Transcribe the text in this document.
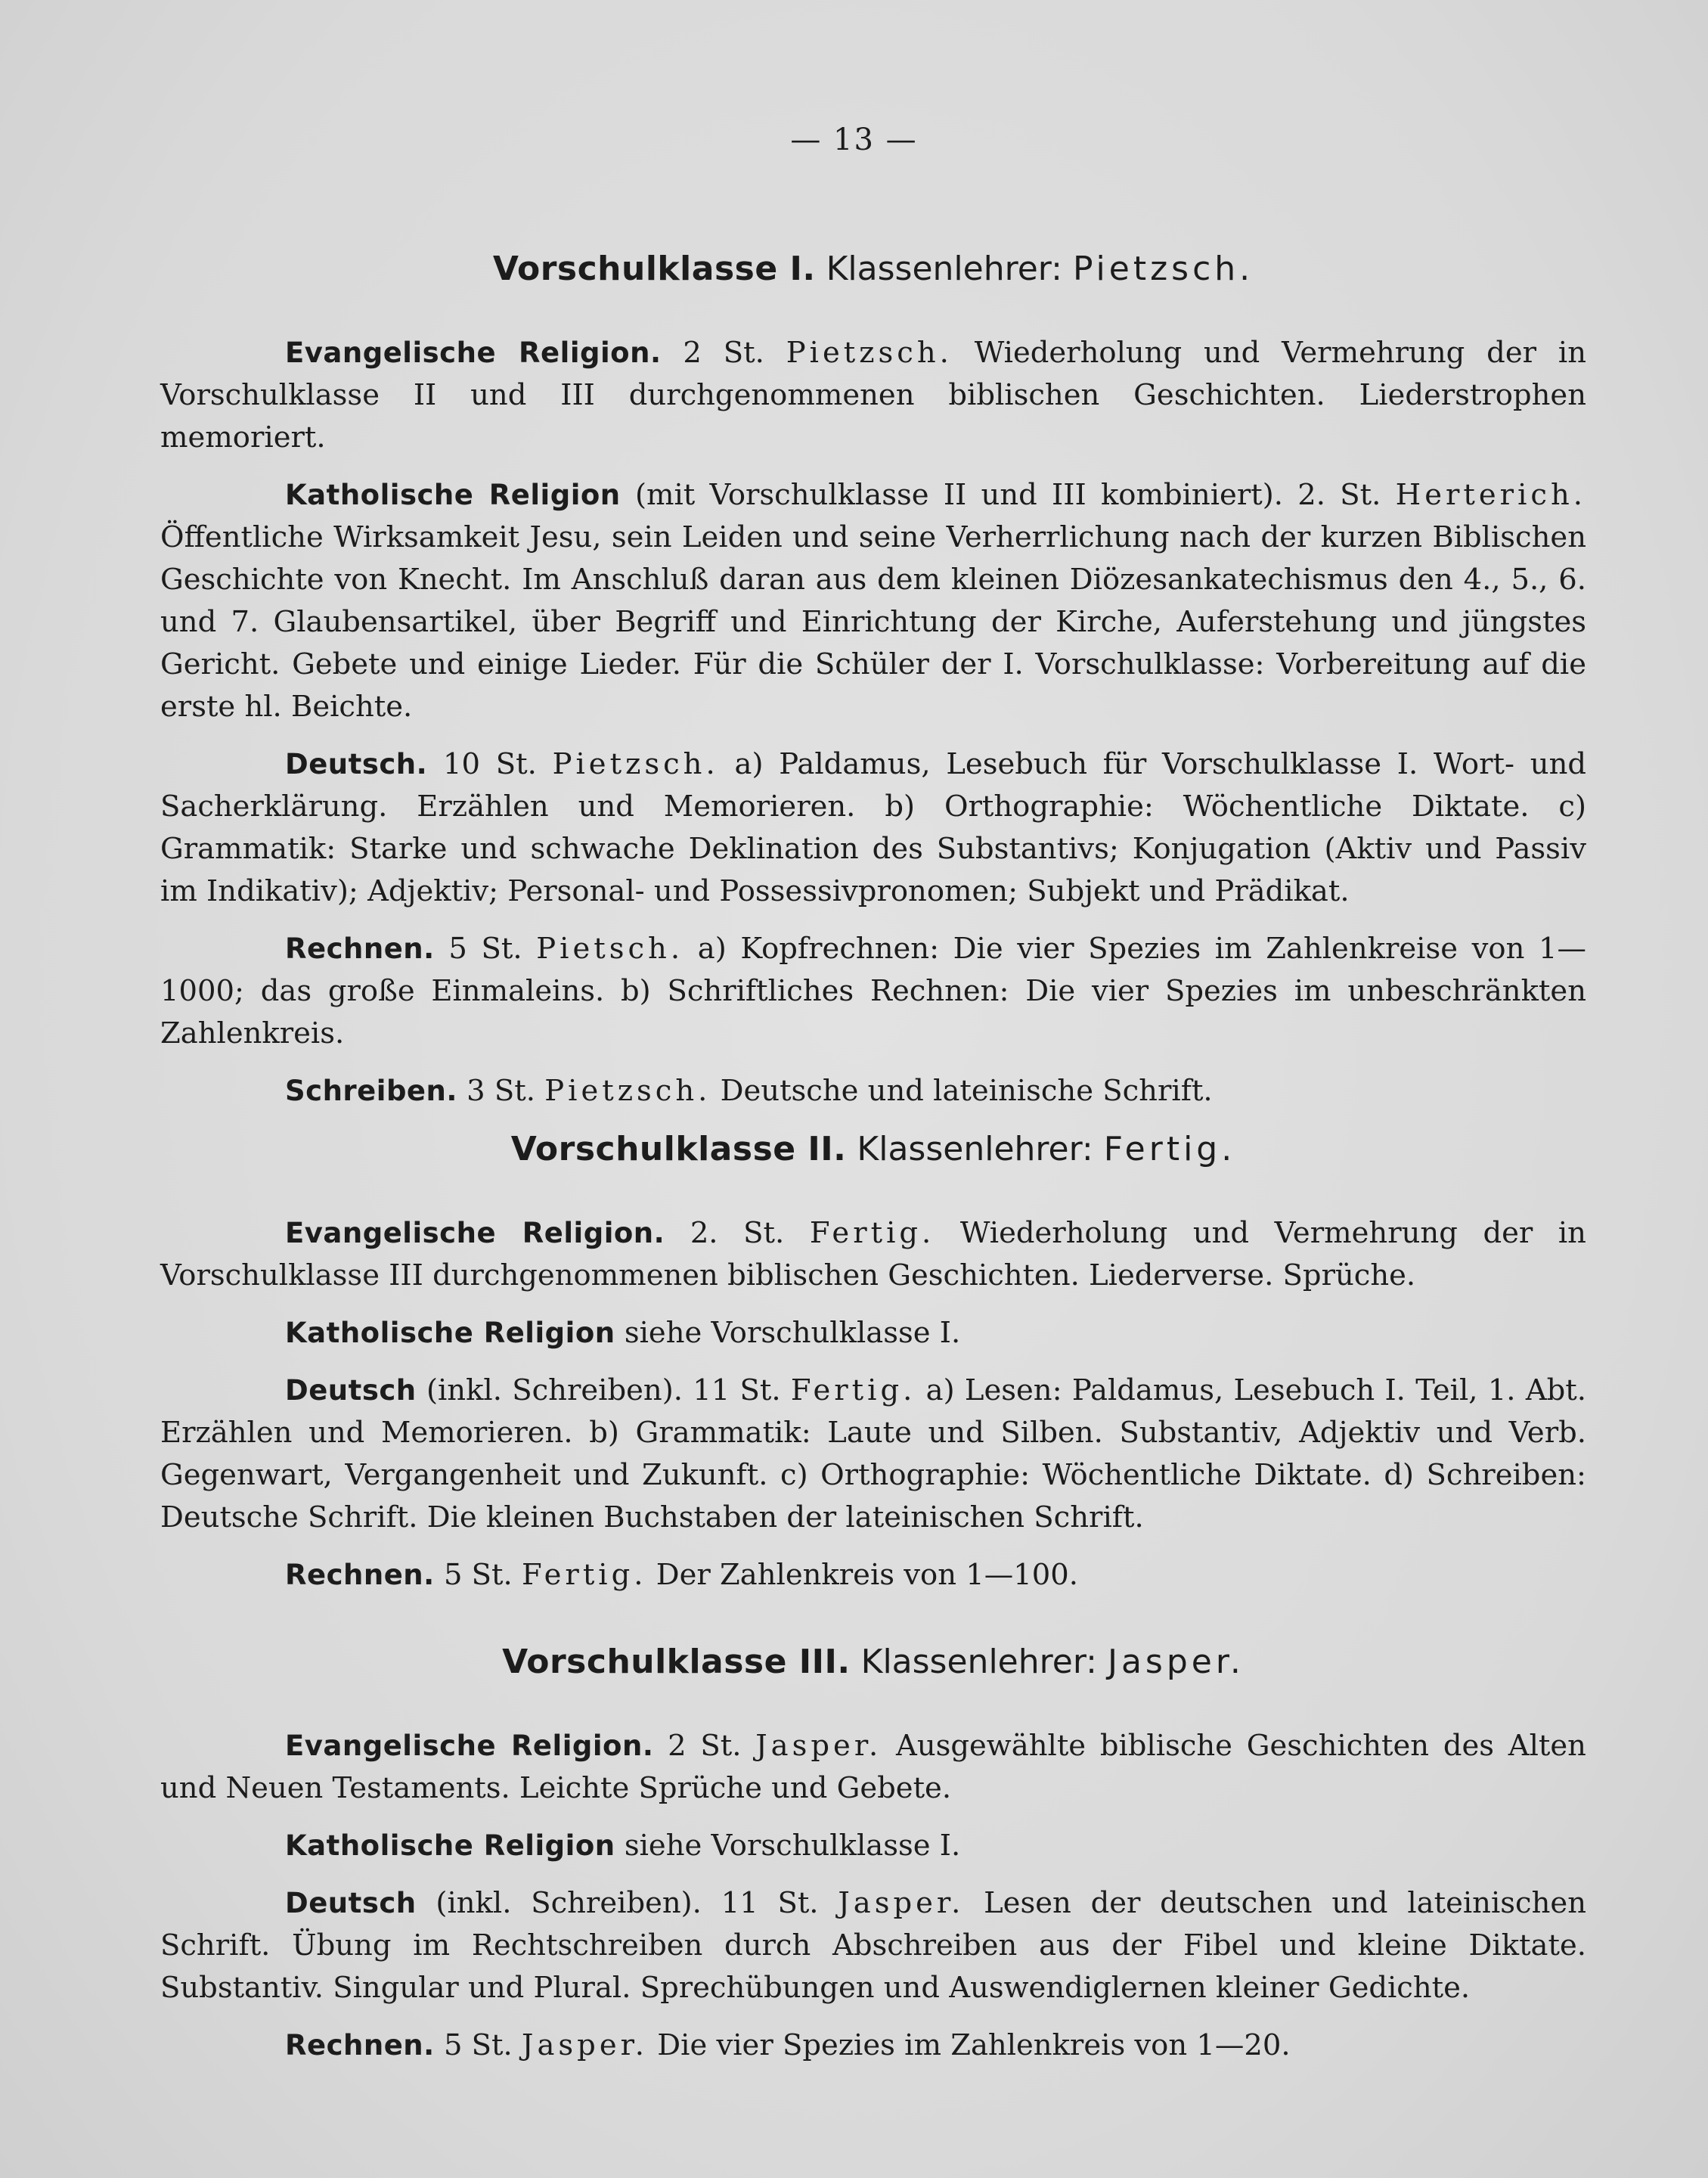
— 13 —
Vorschulklasse I. Klassenlehrer: Pietzsch.

Evangelische Religion. 2 St. Pietzsch. Wiederholung und Vermehrung der in Vorschulklasse II und III durchgenommenen biblischen Geschichten. Liederstrophen memoriert.

Katholische Religion (mit Vorschulklasse II und III kombiniert). 2. St. Herterich. Öffentliche Wirksamkeit Jesu, sein Leiden und seine Verherrlichung nach der kurzen Biblischen Geschichte von Knecht. Im Anschluß daran aus dem kleinen Diözesankatechismus den 4., 5., 6. und 7. Glaubensartikel, über Begriff und Einrichtung der Kirche, Auferstehung und jüngstes Gericht. Gebete und einige Lieder. Für die Schüler der I. Vorschulklasse: Vorbereitung auf die erste hl. Beichte.

Deutsch. 10 St. Pietzsch. a) Paldamus, Lesebuch für Vorschulklasse I. Wort- und Sacherklärung. Erzählen und Memorieren. b) Orthographie: Wöchentliche Diktate. c) Grammatik: Starke und schwache Deklination des Substantivs; Konjugation (Aktiv und Passiv im Indikativ); Adjektiv; Personal- und Possessivpronomen; Subjekt und Prädikat.

Rechnen. 5 St. Pietsch. a) Kopfrechnen: Die vier Spezies im Zahlenkreise von 1—1000; das große Einmaleins. b) Schriftliches Rechnen: Die vier Spezies im unbeschränkten Zahlenkreis.

Schreiben. 3 St. Pietzsch. Deutsche und lateinische Schrift.

Vorschulklasse II. Klassenlehrer: Fertig.

Evangelische Religion. 2. St. Fertig. Wiederholung und Vermehrung der in Vorschulklasse III durchgenommenen biblischen Geschichten. Liederverse. Sprüche.

Katholische Religion siehe Vorschulklasse I.

Deutsch (inkl. Schreiben). 11 St. Fertig. a) Lesen: Paldamus, Lesebuch I. Teil, 1. Abt. Erzählen und Memorieren. b) Grammatik: Laute und Silben. Substantiv, Adjektiv und Verb. Gegenwart, Vergangenheit und Zukunft. c) Orthographie: Wöchentliche Diktate. d) Schreiben: Deutsche Schrift. Die kleinen Buchstaben der lateinischen Schrift.

Rechnen. 5 St. Fertig. Der Zahlenkreis von 1—100.

Vorschulklasse III. Klassenlehrer: Jasper.

Evangelische Religion. 2 St. Jasper. Ausgewählte biblische Geschichten des Alten und Neuen Testaments. Leichte Sprüche und Gebete.

Katholische Religion siehe Vorschulklasse I.

Deutsch (inkl. Schreiben). 11 St. Jasper. Lesen der deutschen und lateinischen Schrift. Übung im Rechtschreiben durch Abschreiben aus der Fibel und kleine Diktate. Substantiv. Singular und Plural. Sprechübungen und Auswendiglernen kleiner Gedichte.

Rechnen. 5 St. Jasper. Die vier Spezies im Zahlenkreis von 1—20.
